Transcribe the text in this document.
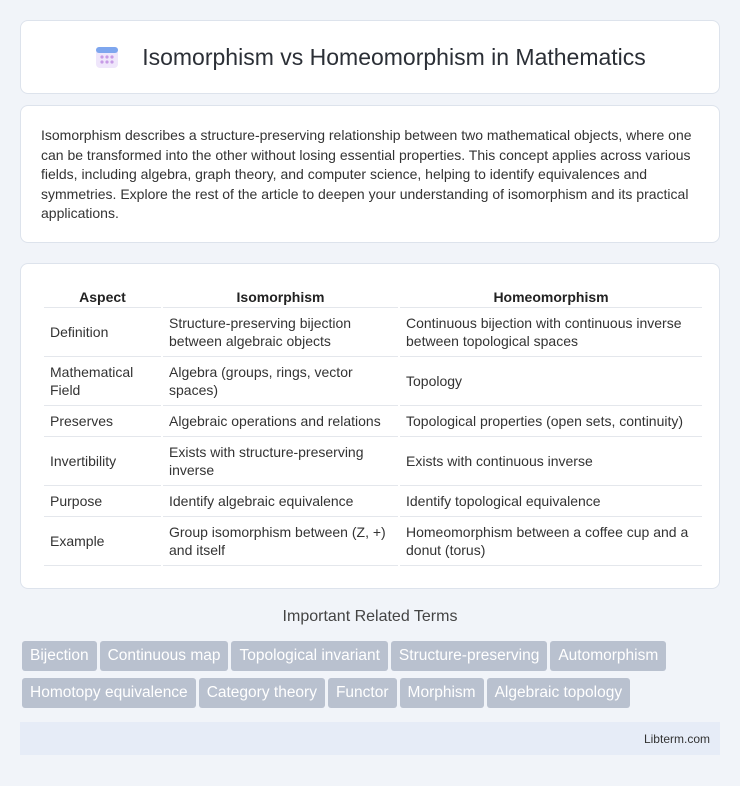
Isomorphism vs Homeomorphism in Mathematics

Isomorphism describes a structure-preserving relationship between two mathematical objects, where one can be transformed into the other without losing essential properties. This concept applies across various fields, including algebra, graph theory, and computer science, helping to identify equivalences and symmetries. Explore the rest of the article to deepen your understanding of isomorphism and its practical applications.

Aspect	Isomorphism	Homeomorphism
Definition	Structure-preserving bijection between algebraic objects	Continuous bijection with continuous inverse between topological spaces
Mathematical Field	Algebra (groups, rings, vector spaces)	Topology
Preserves	Algebraic operations and relations	Topological properties (open sets, continuity)
Invertibility	Exists with structure-preserving inverse	Exists with continuous inverse
Purpose	Identify algebraic equivalence	Identify topological equivalence
Example	Group isomorphism between (Z, +) and itself	Homeomorphism between a coffee cup and a donut (torus)
Important Related Terms
Bijection Continuous map Topological invariant Structure-preserving Automorphism
Homotopy equivalence Category theory Functor Morphism Algebraic topology
Libterm.com
